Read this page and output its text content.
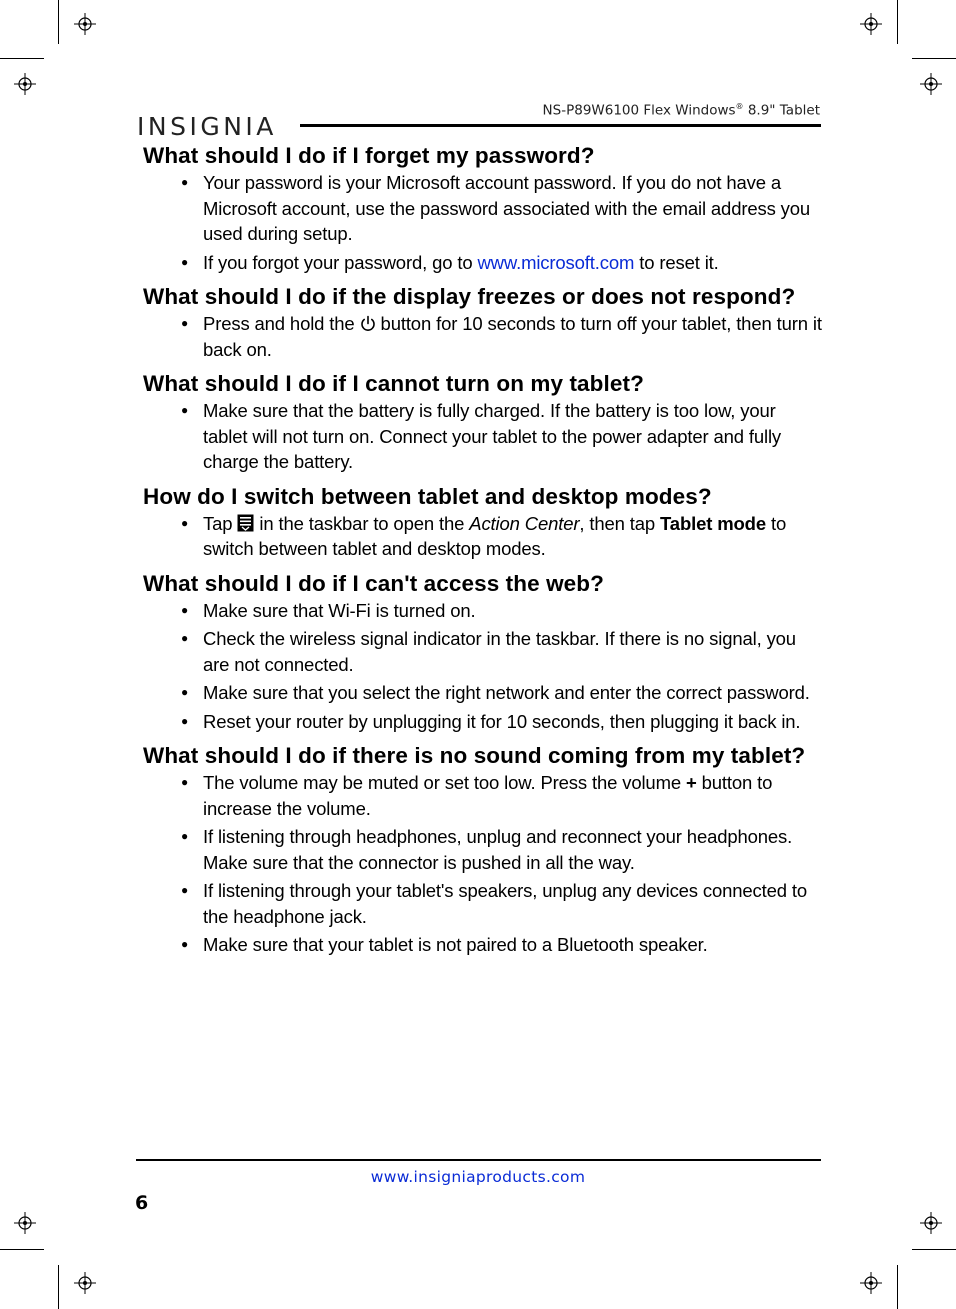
INSIGNIA
NS-P89W6100 Flex Windows® 8.9" Tablet
What should I do if I forget my password?
● Your password is your Microsoft account password. If you do not have a Microsoft account, use the password associated with the email address you used during setup.
● If you forgot your password, go to www.microsoft.com to reset it.
What should I do if the display freezes or does not respond?
● Press and hold the  button for 10 seconds to turn off your tablet, then turn it back on.
What should I do if I cannot turn on my tablet?
● Make sure that the battery is fully charged. If the battery is too low, your tablet will not turn on. Connect your tablet to the power adapter and fully charge the battery.
How do I switch between tablet and desktop modes?
● Tap  in the taskbar to open the Action Center, then tap Tablet mode to switch between tablet and desktop modes.
What should I do if I can't access the web?
● Make sure that Wi-Fi is turned on.
● Check the wireless signal indicator in the taskbar. If there is no signal, you are not connected.
● Make sure that you select the right network and enter the correct password.
● Reset your router by unplugging it for 10 seconds, then plugging it back in.
What should I do if there is no sound coming from my tablet?
● The volume may be muted or set too low. Press the volume + button to increase the volume.
● If listening through headphones, unplug and reconnect your headphones. Make sure that the connector is pushed in all the way.
● If listening through your tablet's speakers, unplug any devices connected to the headphone jack.
● Make sure that your tablet is not paired to a Bluetooth speaker.
www.insigniaproducts.com
6
